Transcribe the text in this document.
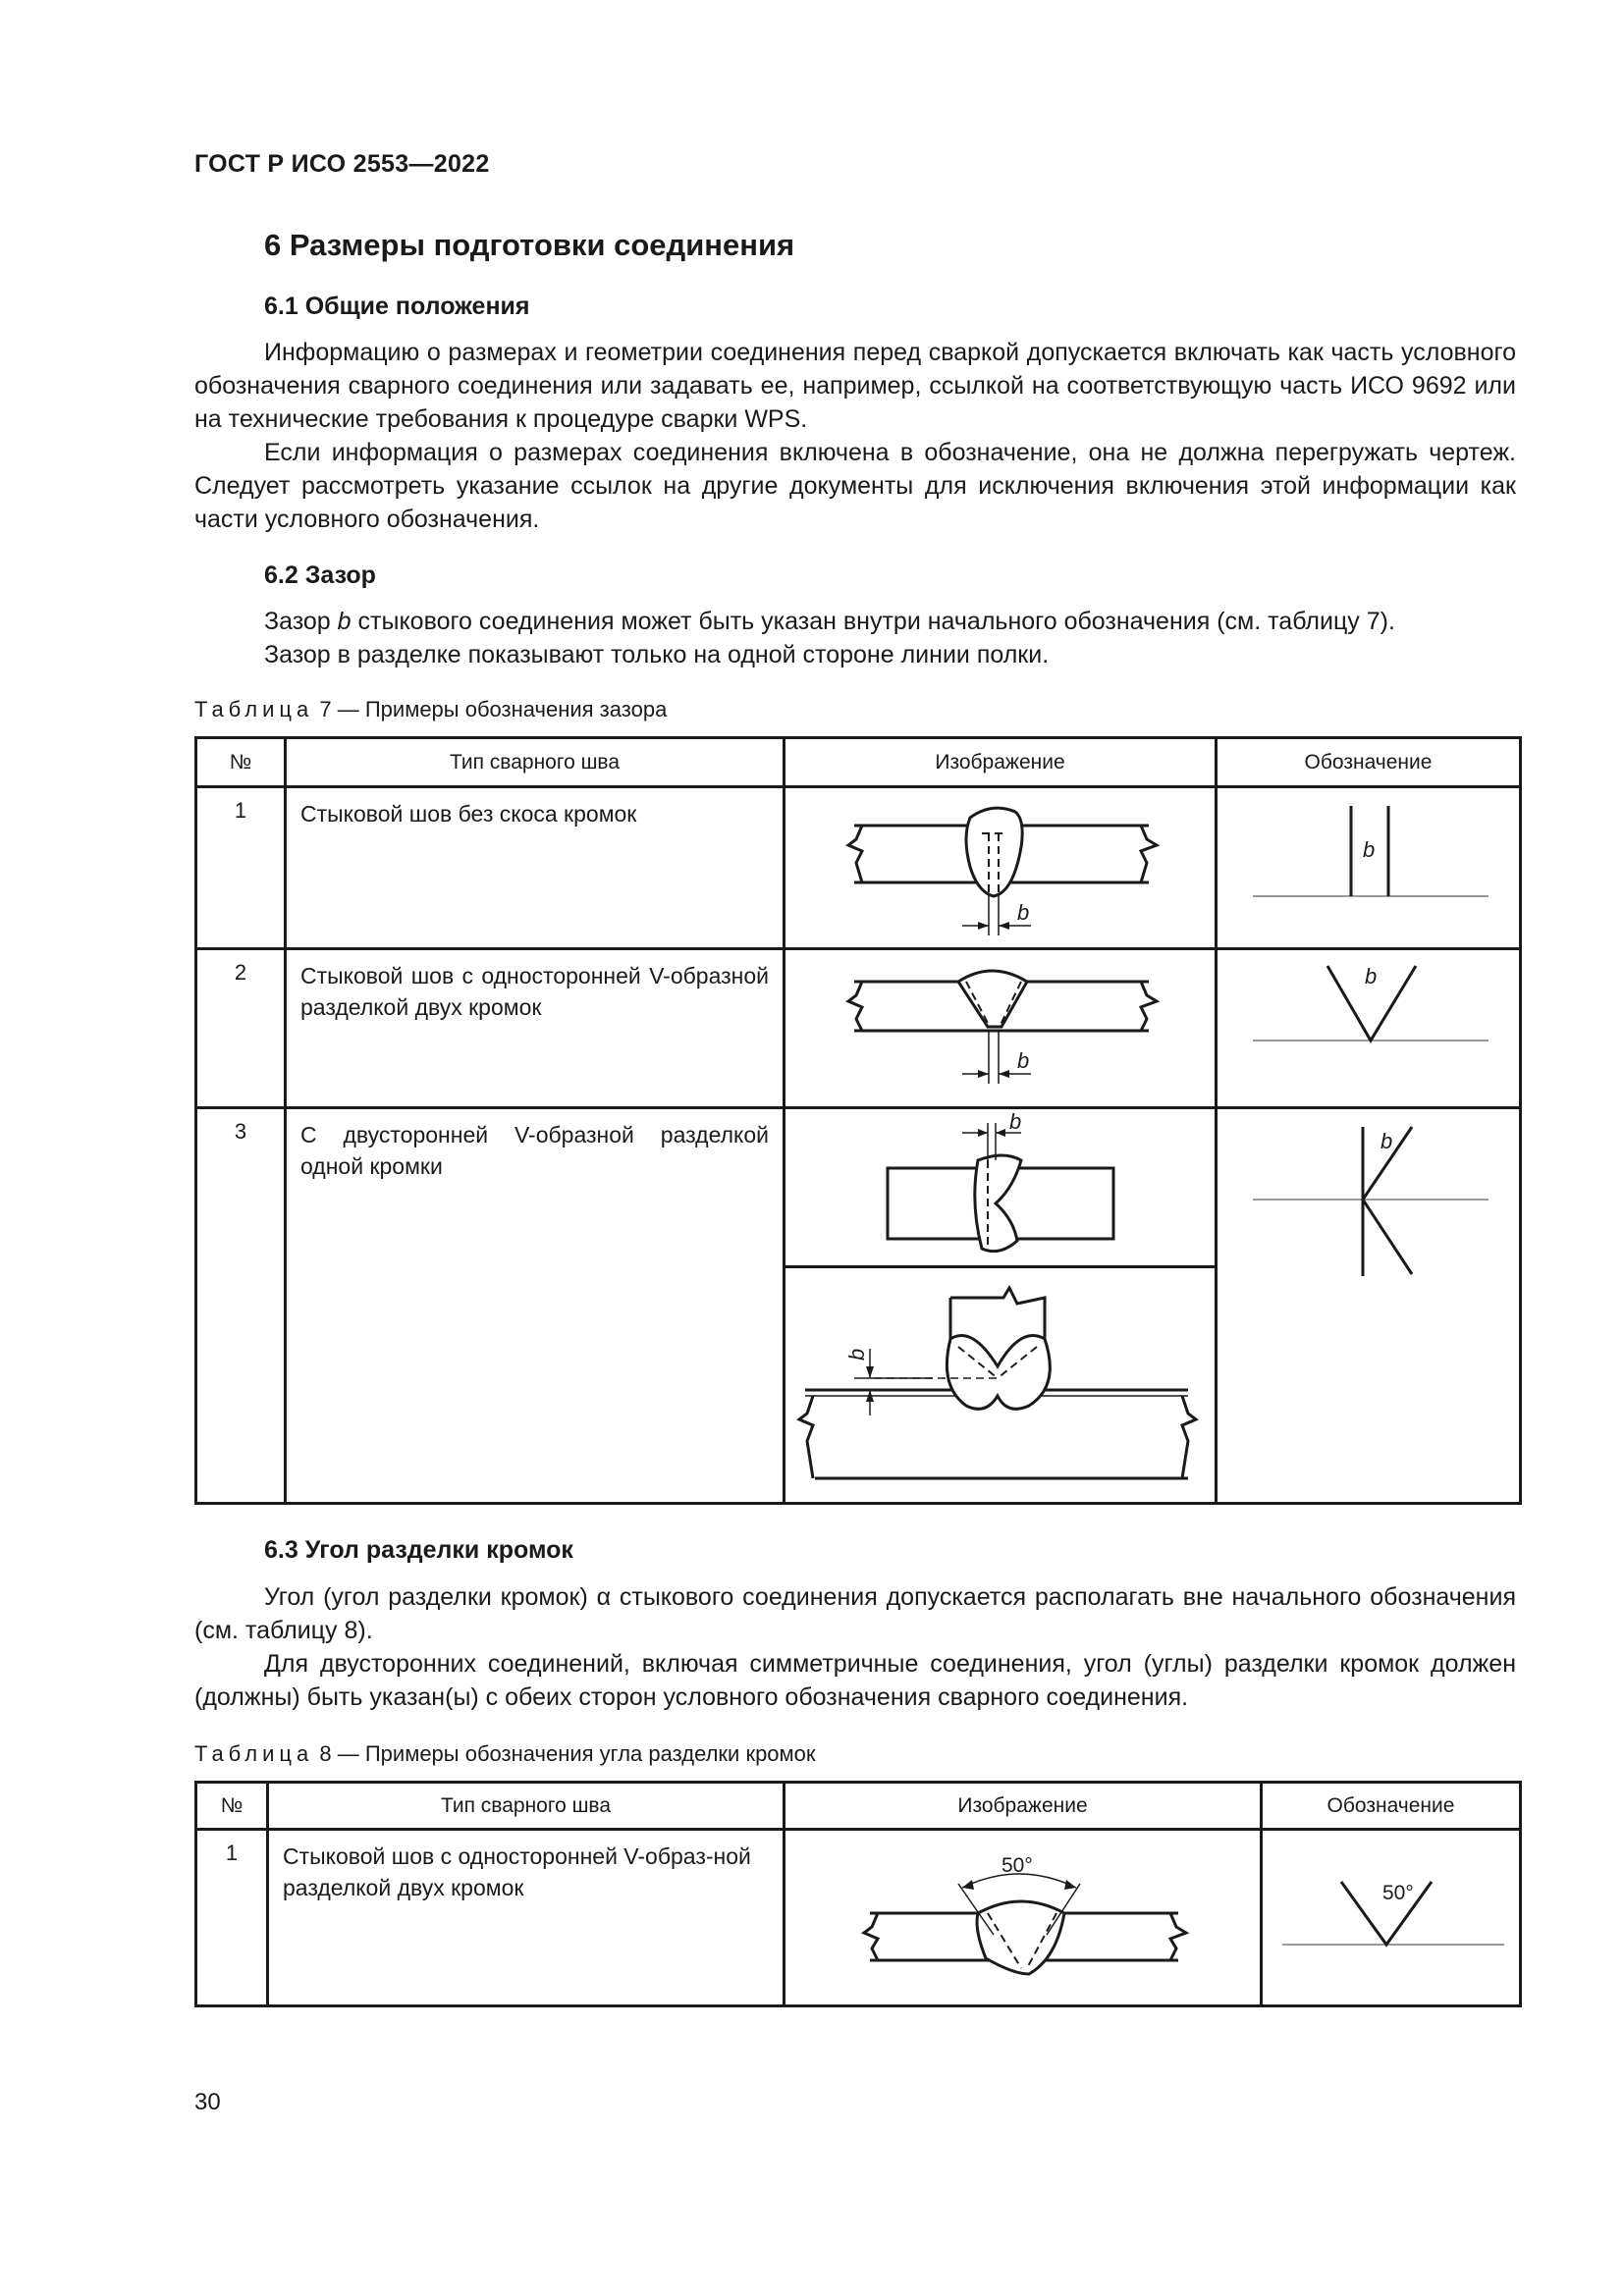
ГОСТ Р ИСО 2553—2022
6 Размеры подготовки соединения
6.1 Общие положения
Информацию о размерах и геометрии соединения перед сваркой допускается включать как часть условного обозначения сварного соединения или задавать ее, например, ссылкой на соответствующую часть ИСО 9692 или на технические требования к процедуре сварки WPS.
Если информация о размерах соединения включена в обозначение, она не должна перегружать чертеж. Следует рассмотреть указание ссылок на другие документы для исключения включения этой информации как части условного обозначения.
6.2 Зазор
Зазор b стыкового соединения может быть указан внутри начального обозначения (см. таблицу 7).
Зазор в разделке показывают только на одной стороне линии полки.
Таблица 7 — Примеры обозначения зазора
№	Тип сварного шва	Изображение	Обозначение
1	Стыковой шов без скоса кромок	b	b

2	Стыковой шов с односторонней V-образной разделкой двух кромок	b	b

3	С двусторонней V-образной разделкой одной кромки	b	b

b	
6.3 Угол разделки кромок
Угол (угол разделки кромок) α стыкового соединения допускается располагать вне начального обозначения (см. таблицу 8).
Для двусторонних соединений, включая симметричные соединения, угол (углы) разделки кромок должен (должны) быть указан(ы) с обеих сторон условного обозначения сварного соединения.
Таблица 8 — Примеры обозначения угла разделки кромок
№	Тип сварного шва	Изображение	Обозначение
1	Стыковой шов с односторонней V-образ-ной разделкой двух кромок	50°	50°
30
